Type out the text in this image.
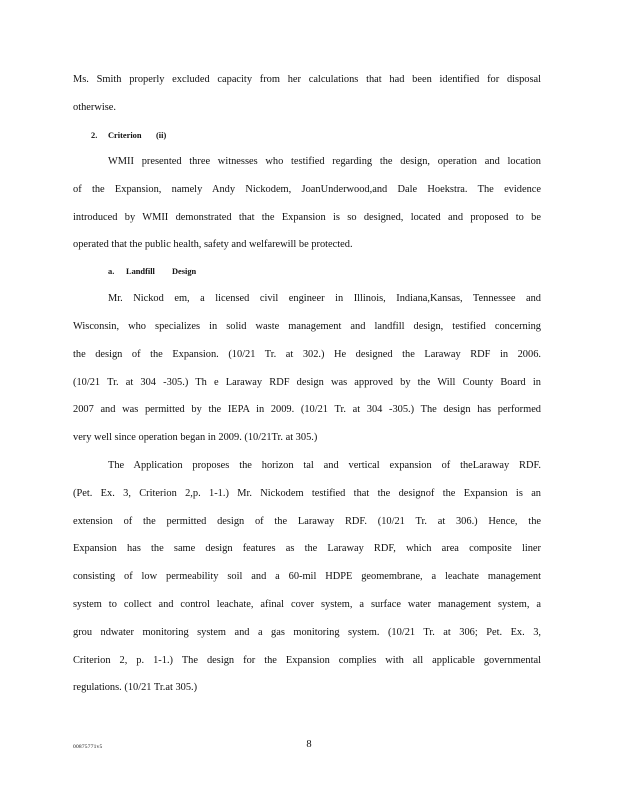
Ms. Smith properly excluded capacity from her calculations that had been identified for disposal
otherwise.
2. Criterion (ii)
WMII presented three witnesses who testified regarding the design, operation and location
of the Expansion, namely Andy Nickodem, JoanUnderwood,and Dale Hoekstra. The evidence
introduced by WMII demonstrated that the Expansion is so designed, located and proposed to be
operated that the public health, safety and welfarewill be protected.
a. Landfill Design
Mr. Nickod em, a licensed civil engineer in Illinois, Indiana,Kansas, Tennessee and
Wisconsin, who specializes in solid waste management and landfill design, testified concerning
the design of the Expansion. (10/21 Tr. at 302.) He designed the Laraway RDF in 2006.
(10/21 Tr. at 304 -305.) Th e Laraway RDF design was approved by the Will County Board in
2007 and was permitted by the IEPA in 2009. (10/21 Tr. at 304 -305.) The design has performed
very well since operation began in 2009. (10/21Tr. at 305.)
The Application proposes the horizon tal and vertical expansion of theLaraway RDF.
(Pet. Ex. 3, Criterion 2,p. 1-1.) Mr. Nickodem testified that the designof the Expansion is an
extension of the permitted design of the Laraway RDF. (10/21 Tr. at 306.) Hence, the
Expansion has the same design features as the Laraway RDF, which area composite liner
consisting of low permeability soil and a 60-mil HDPE geomembrane, a leachate management
system to collect and control leachate, afinal cover system, a surface water management system, a
grou ndwater monitoring system and a gas monitoring system. (10/21 Tr. at 306; Pet. Ex. 3,
Criterion 2, p. 1-1.) The design for the Expansion complies with all applicable governmental
regulations. (10/21 Tr.at 305.)
00875771v5	8
